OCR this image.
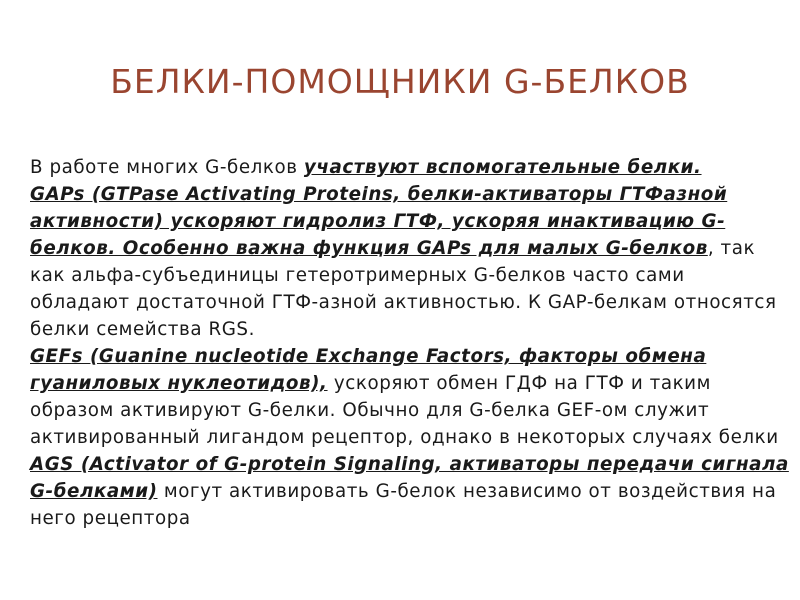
БЕЛКИ-ПОМОЩНИКИ G-БЕЛКОВ

В работе многих G-белков участвуют вспомогательные белки.

GAPs (GTPase Activating Proteins, белки-активаторы ГТФазной активности) ускоряют гидролиз ГТФ, ускоряя инактивацию G-белков. Особенно важна функция GAPs для малых G-белков, так как альфа-субъединицы гетеротримерных G-белков часто сами обладают достаточной ГТФ-азной активностью. К GAP-белкам относятся белки семейства RGS.

GEFs (Guanine nucleotide Exchange Factors, факторы обмена гуаниловых нуклеотидов), ускоряют обмен ГДФ на ГТФ и таким образом активируют G-белки. Обычно для G-белка GEF-ом служит активированный лигандом рецептор, однако в некоторых случаях белки AGS (Activator of G-protein Signaling, активаторы передачи сигнала G-белками) могут активировать G-белок независимо от воздействия на него рецептора
